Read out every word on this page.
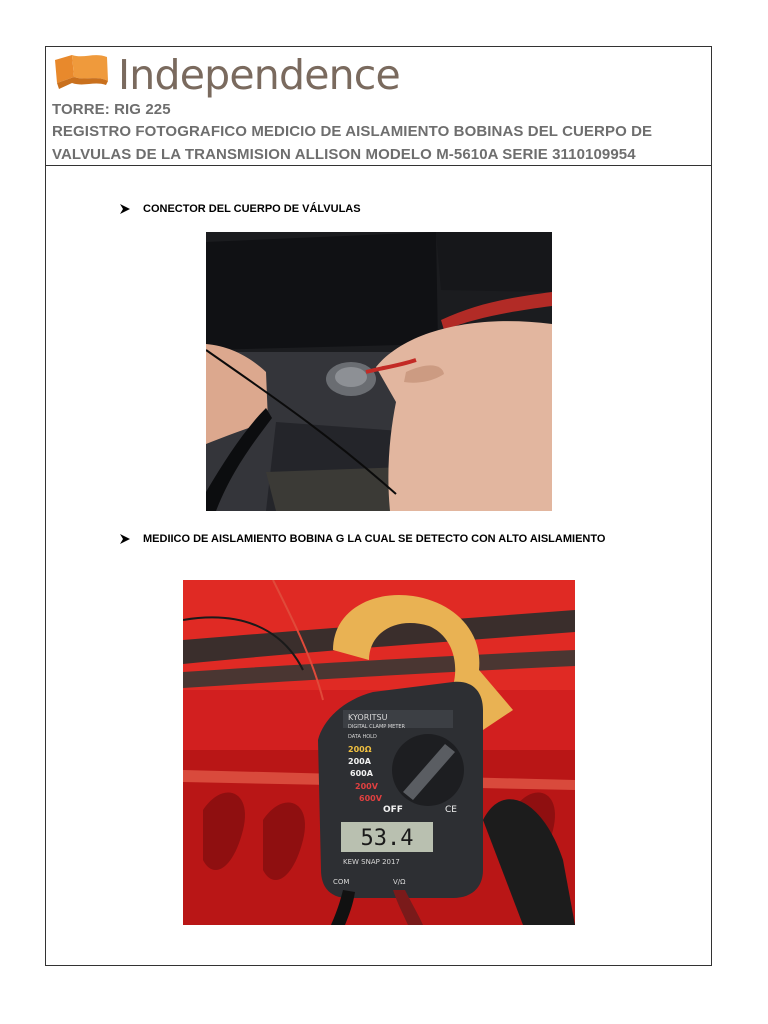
Independence
TORRE: RIG 225
REGISTRO FOTOGRAFICO MEDICIO DE AISLAMIENTO BOBINAS DEL CUERPO DE
VALVULAS DE LA TRANSMISION ALLISON MODELO M-5610A SERIE 3110109954
CONECTOR DEL CUERPO DE VÁLVULAS
MEDIICO DE AISLAMIENTO BOBINA G LA CUAL SE DETECTO CON ALTO AISLAMIENTO
KYORITSU
DIGITAL CLAMP METER
DATA HOLD
200Ω
200A
600A
200V
600V
OFF	CE
53.4
KEW SNAP 2017
COM	V/Ω
